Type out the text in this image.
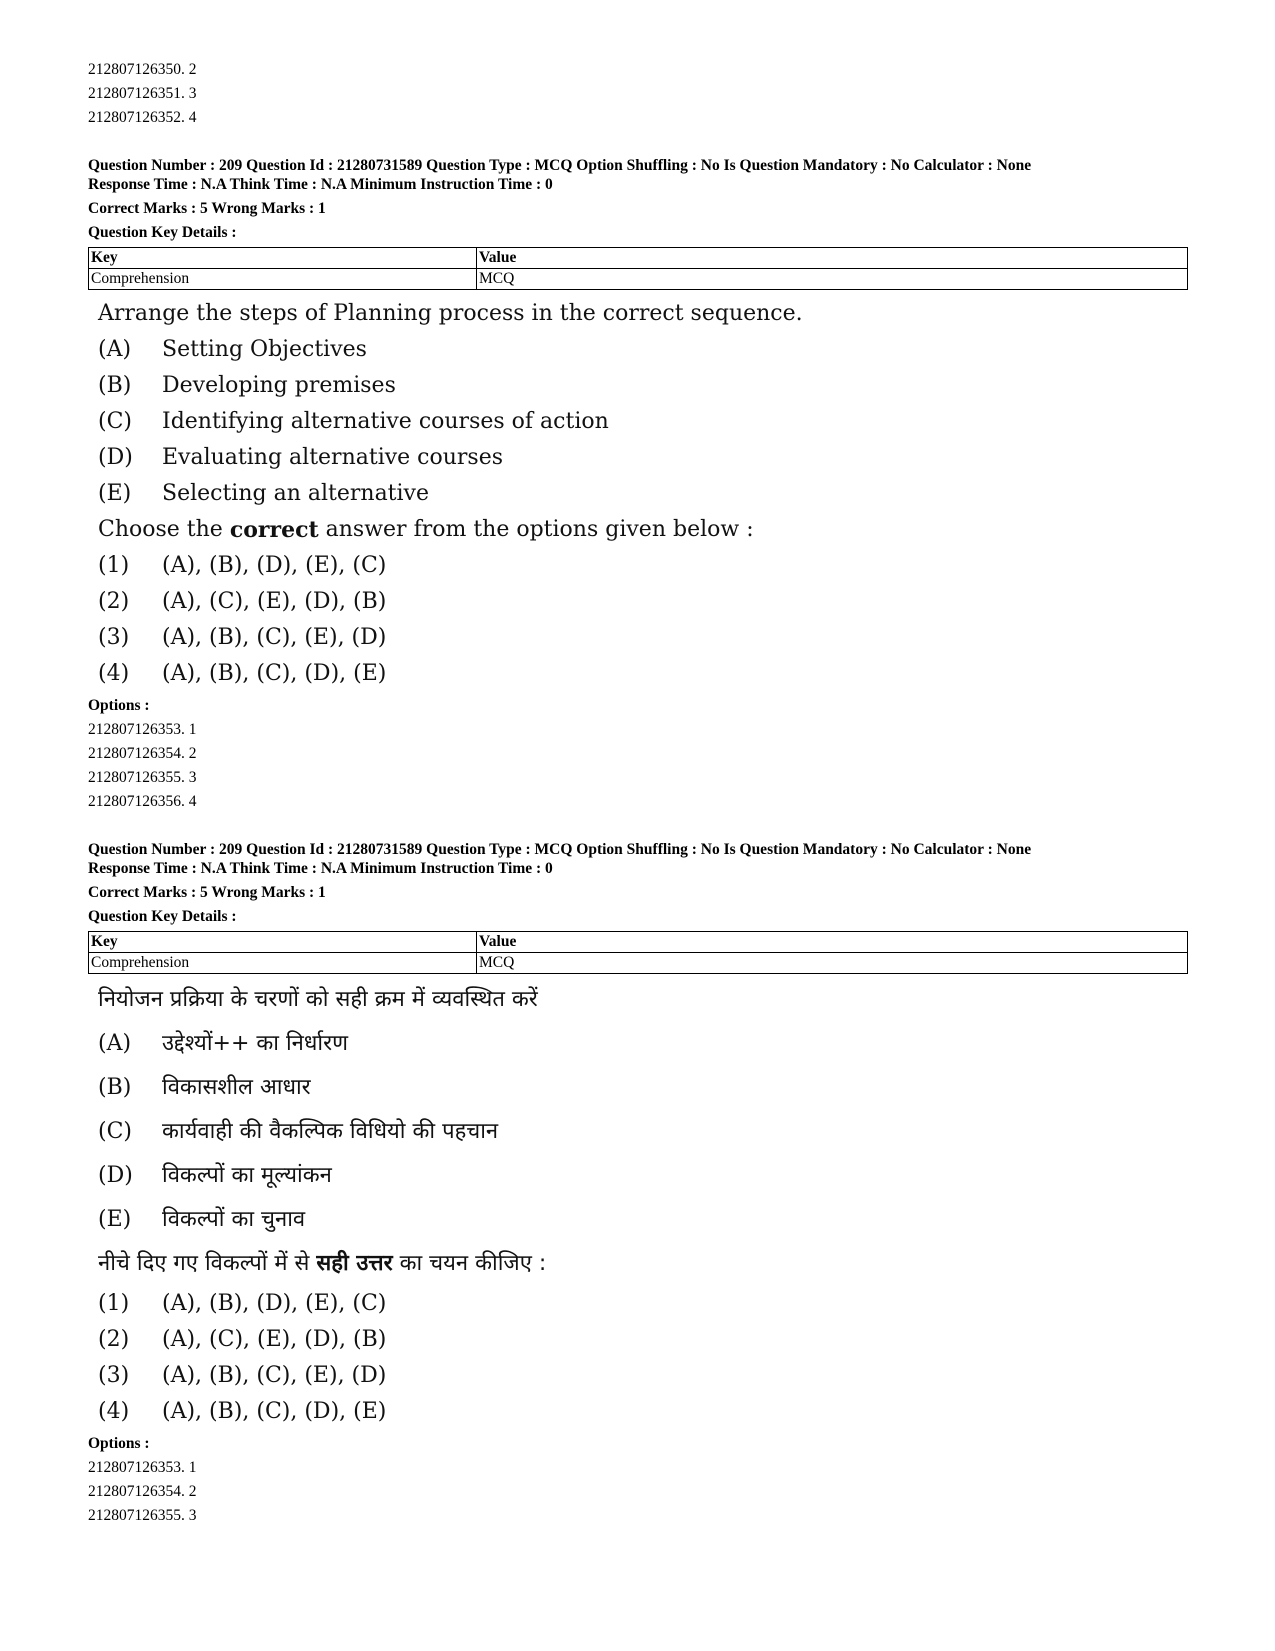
212807126350. 2
212807126351. 3
212807126352. 4
Question Number : 209 Question Id : 21280731589 Question Type : MCQ Option Shuffling : No Is Question Mandatory : No Calculator : None
Response Time : N.A Think Time : N.A Minimum Instruction Time : 0
Correct Marks : 5 Wrong Marks : 1
Question Key Details :
Key	Value
Comprehension	MCQ
Arrange the steps of Planning process in the correct sequence.
(A)	Setting Objectives
(B)	Developing premises
(C)	Identifying alternative courses of action
(D)	Evaluating alternative courses
(E)	Selecting an alternative
Choose the correct answer from the options given below :
(1)	(A), (B), (D), (E), (C)
(2)	(A), (C), (E), (D), (B)
(3)	(A), (B), (C), (E), (D)
(4)	(A), (B), (C), (D), (E)
Options :
212807126353. 1
212807126354. 2
212807126355. 3
212807126356. 4
Question Number : 209 Question Id : 21280731589 Question Type : MCQ Option Shuffling : No Is Question Mandatory : No Calculator : None
Response Time : N.A Think Time : N.A Minimum Instruction Time : 0
Correct Marks : 5 Wrong Marks : 1
Question Key Details :
Key	Value
Comprehension	MCQ
नियोजन प्रक्रिया के चरणों को सही क्रम में व्यवस्थित करें
(A)	उद्देश्यों++ का निर्धारण
(B)	विकासशील आधार
(C)	कार्यवाही की वैकल्पिक विधियो की पहचान
(D)	विकल्पों का मूल्यांकन
(E)	विकल्पों का चुनाव
नीचे दिए गए विकल्पों में से सही उत्तर का चयन कीजिए :
(1)	(A), (B), (D), (E), (C)
(2)	(A), (C), (E), (D), (B)
(3)	(A), (B), (C), (E), (D)
(4)	(A), (B), (C), (D), (E)
Options :
212807126353. 1
212807126354. 2
212807126355. 3
